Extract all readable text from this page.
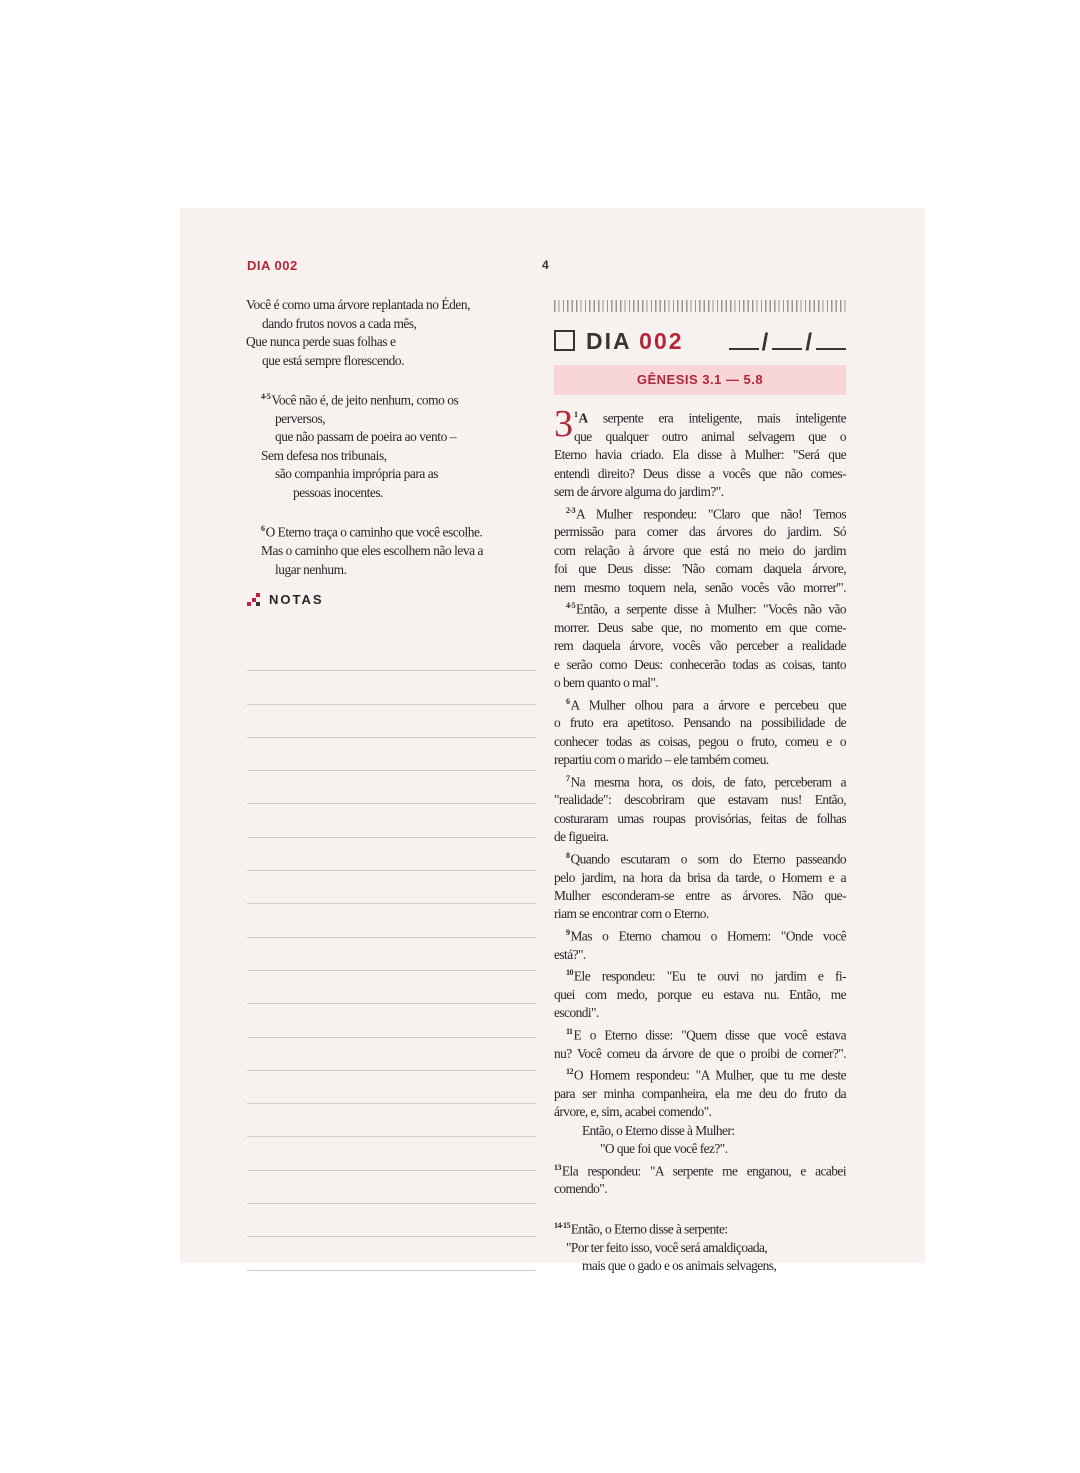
DIA 002	4
Você é como uma árvore replantada no Éden,
dando frutos novos a cada mês,
Que nunca perde suas folhas e
que está sempre florescendo.
$^{4-5}$Você não é, de jeito nenhum, como os
perversos,
que não passam de poeira ao vento –
Sem defesa nos tribunais,
são companhia imprópria para as
pessoas inocentes.
$^6$O Eterno traça o caminho que você escolhe.
Mas o caminho que eles escolhem não leva a
lugar nenhum.
NOTAS
DIA 002	/ /
GÊNESIS 3.1 — 5.8
3 $^1$A serpente era inteligente, mais inteligente
que qualquer outro animal selvagem que o
Eterno havia criado. Ela disse à Mulher: "Será que
entendi direito? Deus disse a vocês que não comes-
sem de árvore alguma do jardim?".
$^{2-3}$A Mulher respondeu: "Claro que não! Temos
permissão para comer das árvores do jardim. Só
com relação à árvore que está no meio do jardim
foi que Deus disse: 'Não comam daquela árvore,
nem mesmo toquem nela, senão vocês vão morrer'".
$^{4-5}$Então, a serpente disse à Mulher: "Vocês não vão
morrer. Deus sabe que, no momento em que come-
rem daquela árvore, vocês vão perceber a realidade
e serão como Deus: conhecerão todas as coisas, tanto
o bem quanto o mal".
$^6$A Mulher olhou para a árvore e percebeu que
o fruto era apetitoso. Pensando na possibilidade de
conhecer todas as coisas, pegou o fruto, comeu e o
repartiu com o marido – ele também comeu.
$^7$Na mesma hora, os dois, de fato, perceberam a
"realidade": descobriram que estavam nus! Então,
costuraram umas roupas provisórias, feitas de folhas
de figueira.
$^8$Quando escutaram o som do Eterno passeando
pelo jardim, na hora da brisa da tarde, o Homem e a
Mulher esconderam-se entre as árvores. Não que-
riam se encontrar com o Eterno.
$^9$Mas o Eterno chamou o Homem: "Onde você
está?".
$^{10}$Ele respondeu: "Eu te ouvi no jardim e fi-
quei com medo, porque eu estava nu. Então, me
escondi".
$^{11}$E o Eterno disse: "Quem disse que você estava
nu? Você comeu da árvore de que o proibi de comer?".
$^{12}$O Homem respondeu: "A Mulher, que tu me deste
para ser minha companheira, ela me deu do fruto da
árvore, e, sim, acabei comendo".
Então, o Eterno disse à Mulher:
"O que foi que você fez?".
$^{13}$Ela respondeu: "A serpente me enganou, e acabei
comendo".
$^{14-15}$Então, o Eterno disse à serpente:
"Por ter feito isso, você será amaldiçoada,
mais que o gado e os animais selvagens,
